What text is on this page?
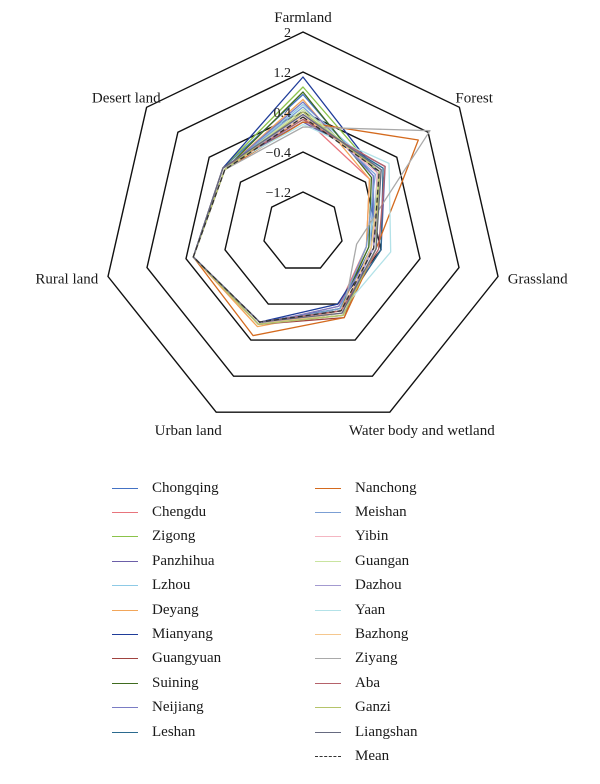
−1.2
−0.4
0.4
1.2
2
Farmland
Forest
Grassland
Water body and wetland
Urban land
Rural land
Desert land
Chongqing
Chengdu
Zigong
Panzhihua
Lzhou
Deyang
Mianyang
Guangyuan
Suining
Neijiang
Leshan
Nanchong
Meishan
Yibin
Guangan
Dazhou
Yaan
Bazhong
Ziyang
Aba
Ganzi
Liangshan
Mean
